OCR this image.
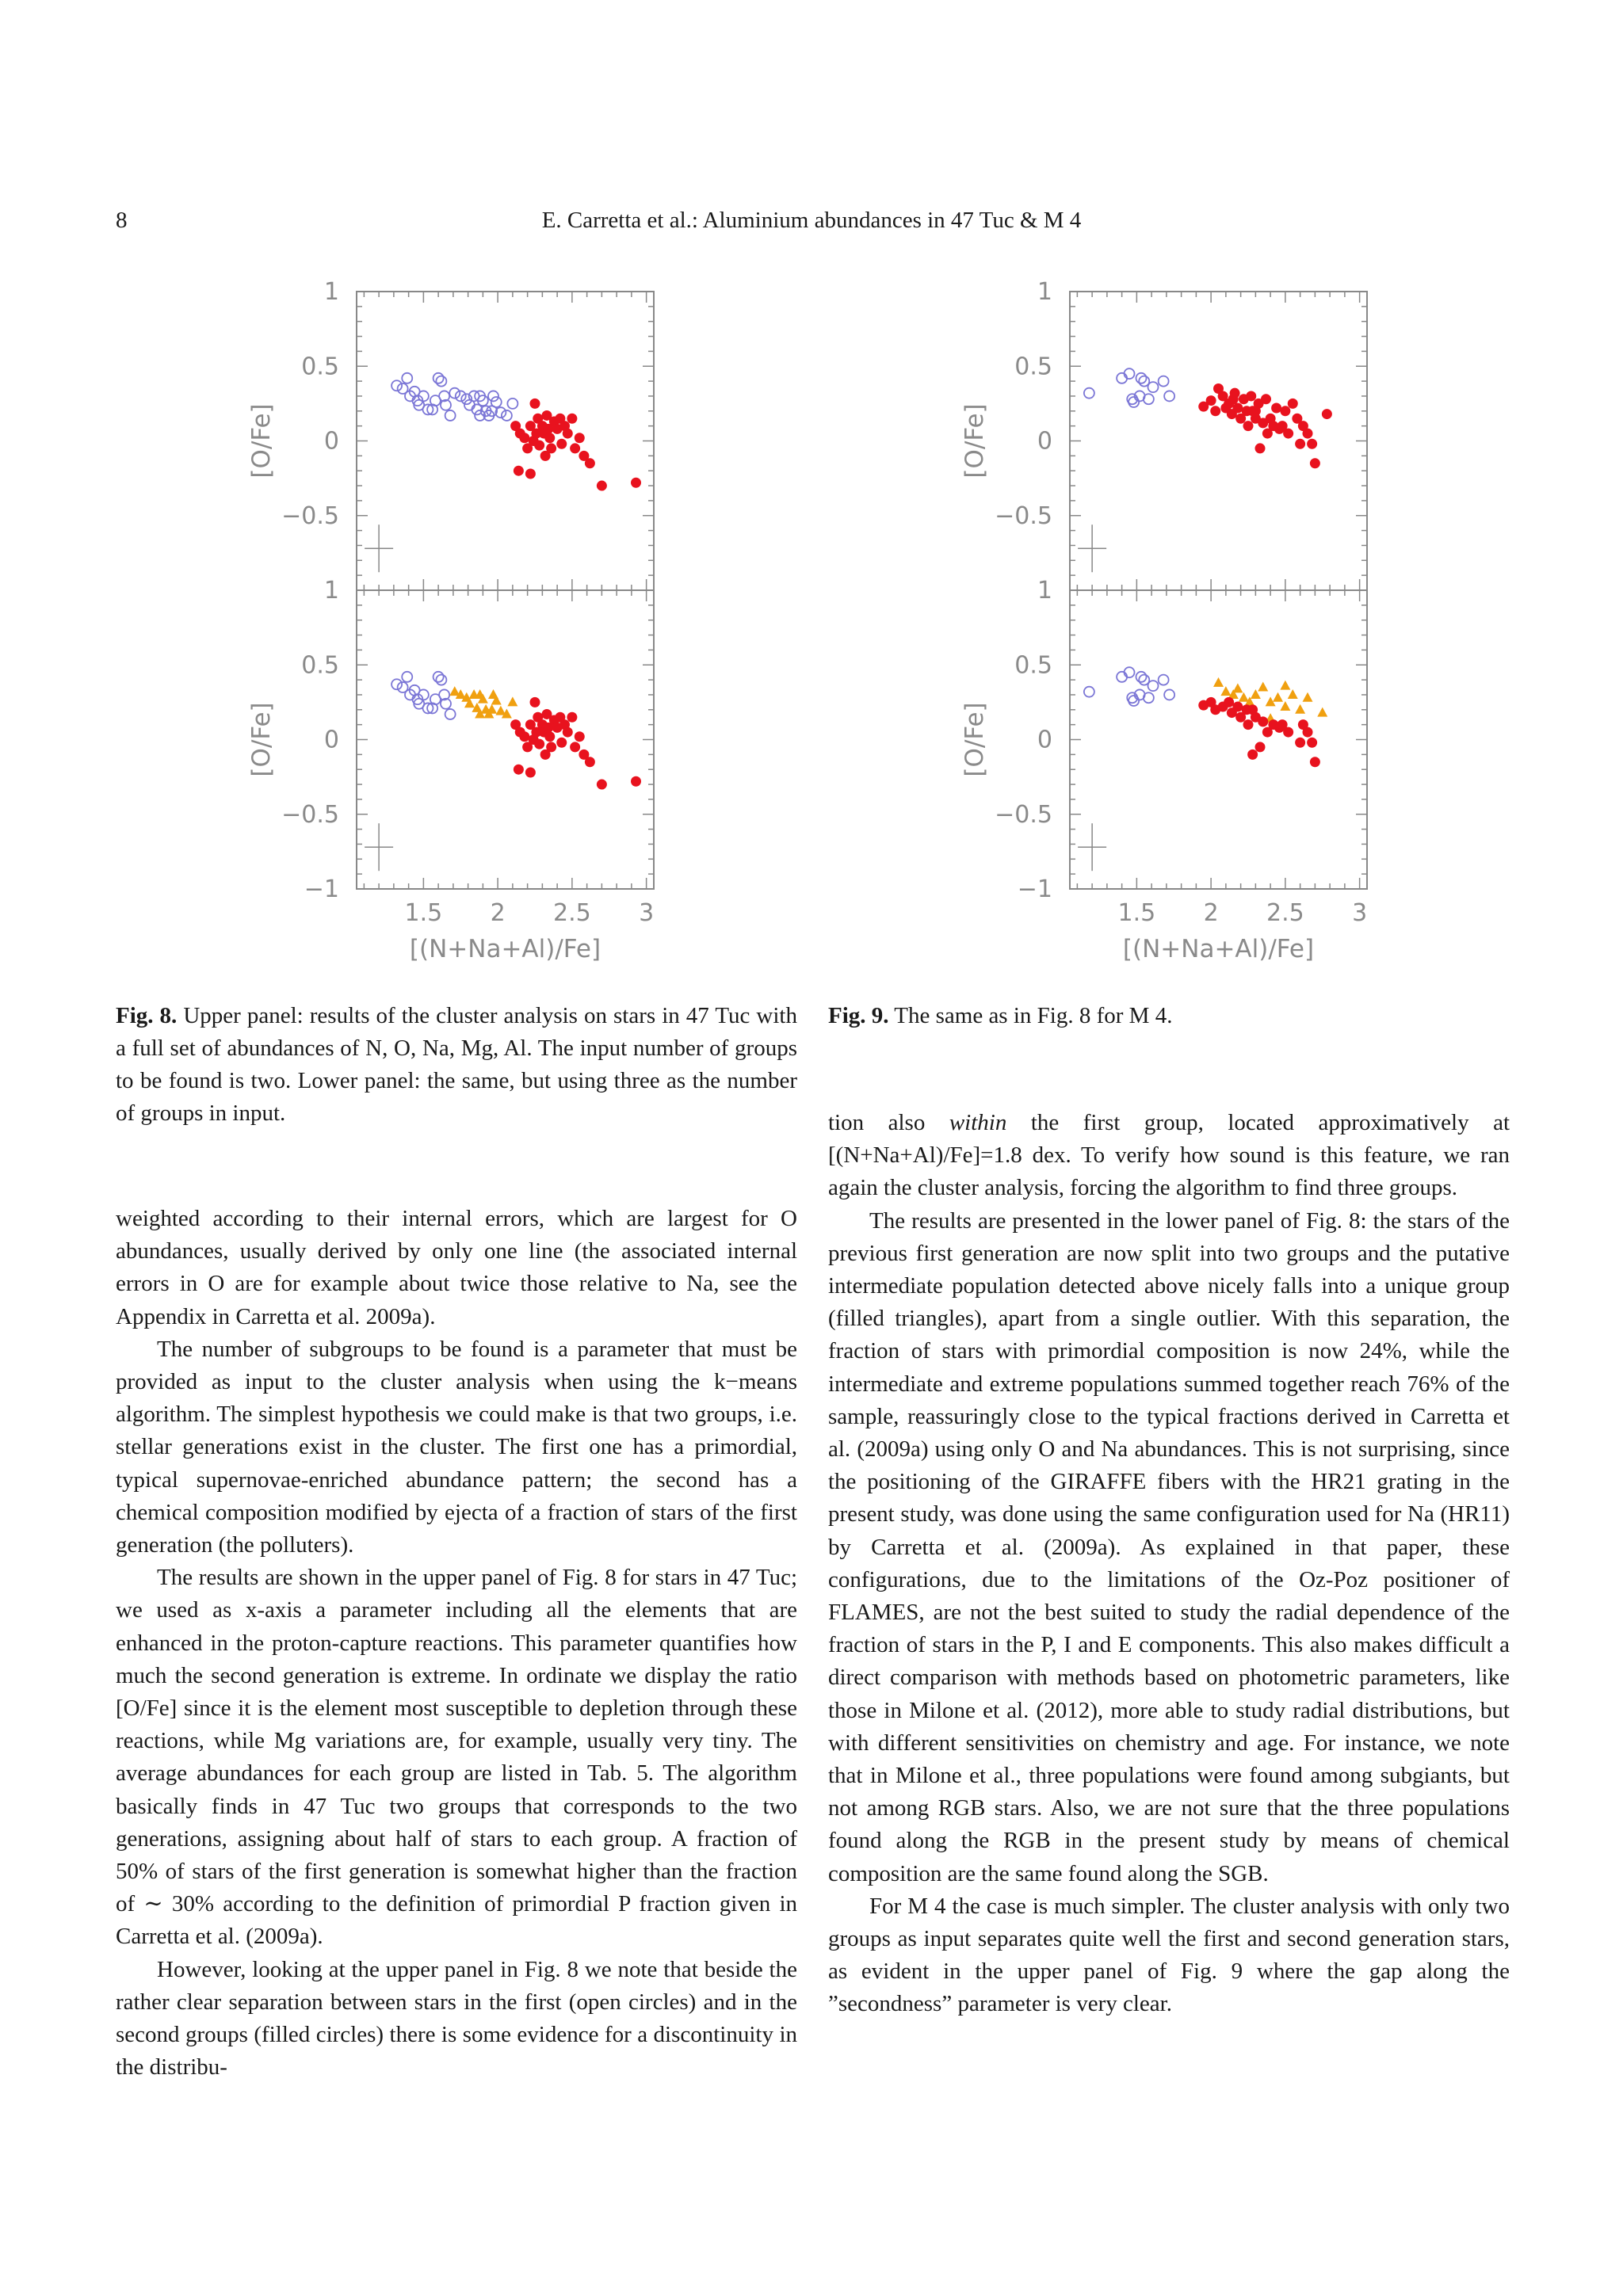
8	E. Carretta et al.: Aluminium abundances in 47 Tuc & M 4
1
0.5
0
−0.5
[O/Fe]
1
0.5
0
−0.5
−1
1.5 2 2.5 3
[O/Fe]
[(N+Na+Al)/Fe]
1
0.5
0
−0.5
[O/Fe]
1
0.5
0
−0.5
−1
1.5 2 2.5 3
[O/Fe]
[(N+Na+Al)/Fe]
Fig. 8. Upper panel: results of the cluster analysis on stars in 47 Tuc with a full set of abundances of N, O, Na, Mg, Al. The input number of groups to be found is two. Lower panel: the same, but using three as the number of groups in input.
Fig. 9. The same as in Fig. 8 for M 4.

weighted according to their internal errors, which are largest for O abundances, usually derived by only one line (the associated internal errors in O are for example about twice those relative to Na, see the Appendix in Carretta et al. 2009a).

The number of subgroups to be found is a parameter that must be provided as input to the cluster analysis when using the k−means algorithm. The simplest hypothesis we could make is that two groups, i.e. stellar generations exist in the cluster. The first one has a primordial, typical supernovae-enriched abundance pattern; the second has a chemical composition modified by ejecta of a fraction of stars of the first generation (the polluters).

The results are shown in the upper panel of Fig. 8 for stars in 47 Tuc; we used as x-axis a parameter including all the elements that are enhanced in the proton-capture reactions. This parameter quantifies how much the second generation is extreme. In ordinate we display the ratio [O/Fe] since it is the element most susceptible to depletion through these reactions, while Mg variations are, for example, usually very tiny. The average abundances for each group are listed in Tab. 5. The algorithm basically finds in 47 Tuc two groups that corresponds to the two generations, assigning about half of stars to each group. A fraction of 50% of stars of the first generation is somewhat higher than the fraction of ∼ 30% according to the definition of primordial P fraction given in Carretta et al. (2009a).

However, looking at the upper panel in Fig. 8 we note that beside the rather clear separation between stars in the first (open circles) and in the second groups (filled circles) there is some evidence for a discontinuity in the distribu-

tion also within the first group, located approximatively at [(N+Na+Al)/Fe]=1.8 dex. To verify how sound is this feature, we ran again the cluster analysis, forcing the algorithm to find three groups.

The results are presented in the lower panel of Fig. 8: the stars of the previous first generation are now split into two groups and the putative intermediate population detected above nicely falls into a unique group (filled triangles), apart from a single outlier. With this separation, the fraction of stars with primordial composition is now 24%, while the intermediate and extreme populations summed together reach 76% of the sample, reassuringly close to the typical fractions derived in Carretta et al. (2009a) using only O and Na abundances. This is not surprising, since the positioning of the GIRAFFE fibers with the HR21 grating in the present study, was done using the same configuration used for Na (HR11) by Carretta et al. (2009a). As explained in that paper, these configurations, due to the limitations of the Oz-Poz positioner of FLAMES, are not the best suited to study the radial dependence of the fraction of stars in the P, I and E components. This also makes difficult a direct comparison with methods based on photometric parameters, like those in Milone et al. (2012), more able to study radial distributions, but with different sensitivities on chemistry and age. For instance, we note that in Milone et al., three populations were found among subgiants, but not among RGB stars. Also, we are not sure that the three populations found along the RGB in the present study by means of chemical composition are the same found along the SGB.

For M 4 the case is much simpler. The cluster analysis with only two groups as input separates quite well the first and second generation stars, as evident in the upper panel of Fig. 9 where the gap along the ”secondness” parameter is very clear.
